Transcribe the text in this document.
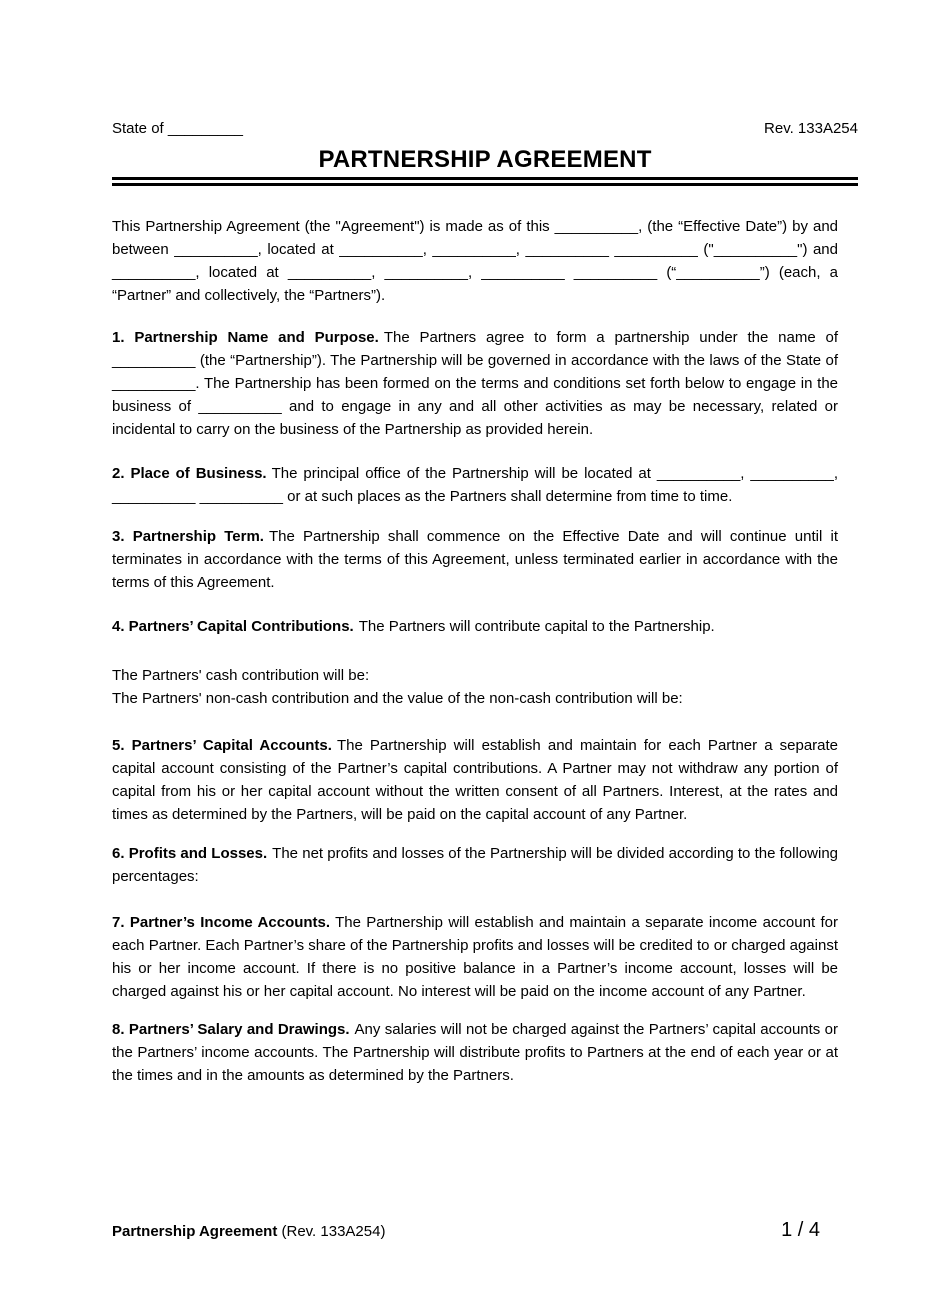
State of _________	Rev. 133A254
PARTNERSHIP AGREEMENT

This Partnership Agreement (the "Agreement") is made as of this __________, (the “Effective Date”) by and between __________, located at __________, __________, __________ __________ ("__________") and __________, located at __________, __________, __________ __________ (“__________”) (each, a “Partner” and collectively, the “Partners”).

1. Partnership Name and Purpose. The Partners agree to form a partnership under the name of __________ (the “Partnership”). The Partnership will be governed in accordance with the laws of the State of __________. The Partnership has been formed on the terms and conditions set forth below to engage in the business of __________ and to engage in any and all other activities as may be necessary, related or incidental to carry on the business of the Partnership as provided herein.

2. Place of Business. The principal office of the Partnership will be located at __________, __________, __________ __________ or at such places as the Partners shall determine from time to time.

3. Partnership Term. The Partnership shall commence on the Effective Date and will continue until it terminates in accordance with the terms of this Agreement, unless terminated earlier in accordance with the terms of this Agreement.

4. Partners’ Capital Contributions. The Partners will contribute capital to the Partnership.

The Partners' cash contribution will be:
The Partners' non-cash contribution and the value of the non-cash contribution will be:

5. Partners’ Capital Accounts. The Partnership will establish and maintain for each Partner a separate capital account consisting of the Partner’s capital contributions. A Partner may not withdraw any portion of capital from his or her capital account without the written consent of all Partners. Interest, at the rates and times as determined by the Partners, will be paid on the capital account of any Partner.

6. Profits and Losses. The net profits and losses of the Partnership will be divided according to the following percentages:

7. Partner’s Income Accounts. The Partnership will establish and maintain a separate income account for each Partner. Each Partner’s share of the Partnership profits and losses will be credited to or charged against his or her income account. If there is no positive balance in a Partner’s income account, losses will be charged against his or her capital account. No interest will be paid on the income account of any Partner.

8. Partners’ Salary and Drawings. Any salaries will not be charged against the Partners’ capital accounts or the Partners’ income accounts. The Partnership will distribute profits to Partners at the end of each year or at the times and in the amounts as determined by the Partners.

Partnership Agreement (Rev. 133A254)	1 / 4
